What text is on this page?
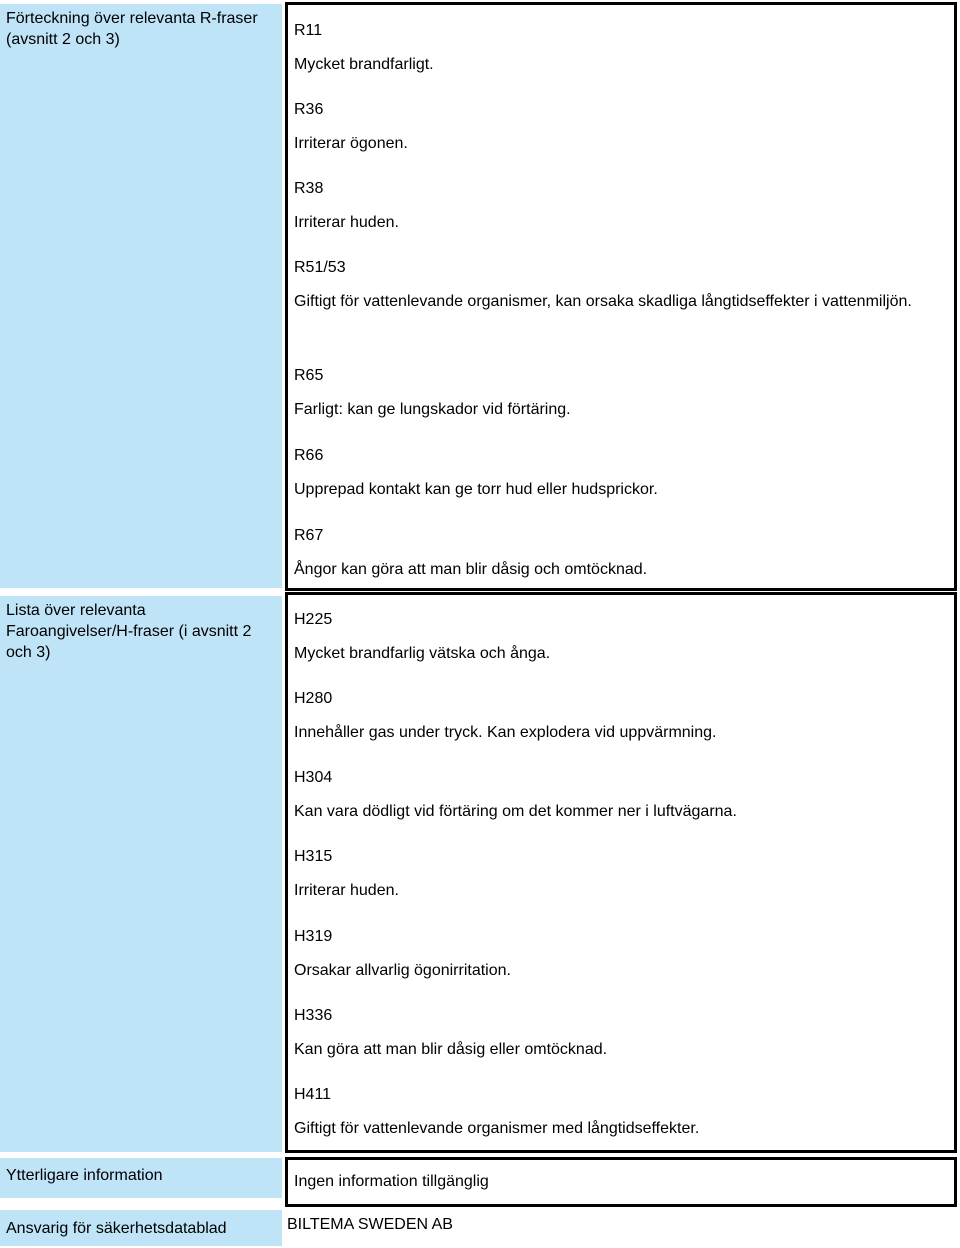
Förteckning över relevanta R-fraser (avsnitt 2 och 3)
R11
Mycket brandfarligt.
R36
Irriterar ögonen.
R38
Irriterar huden.
R51/53
Giftigt för vattenlevande organismer, kan orsaka skadliga långtidseffekter i vattenmiljön.
R65
Farligt: kan ge lungskador vid förtäring.
R66
Upprepad kontakt kan ge torr hud eller hudsprickor.
R67
Ångor kan göra att man blir dåsig och omtöcknad.
Lista över relevanta Faroangivelser/H-fraser (i avsnitt 2 och 3)
H225
Mycket brandfarlig vätska och ånga.
H280
Innehåller gas under tryck. Kan explodera vid uppvärmning.
H304
Kan vara dödligt vid förtäring om det kommer ner i luftvägarna.
H315
Irriterar huden.
H319
Orsakar allvarlig ögonirritation.
H336
Kan göra att man blir dåsig eller omtöcknad.
H411
Giftigt för vattenlevande organismer med långtidseffekter.
Ytterligare information	Ingen information tillgänglig
Ansvarig för säkerhetsdatablad	BILTEMA SWEDEN AB
